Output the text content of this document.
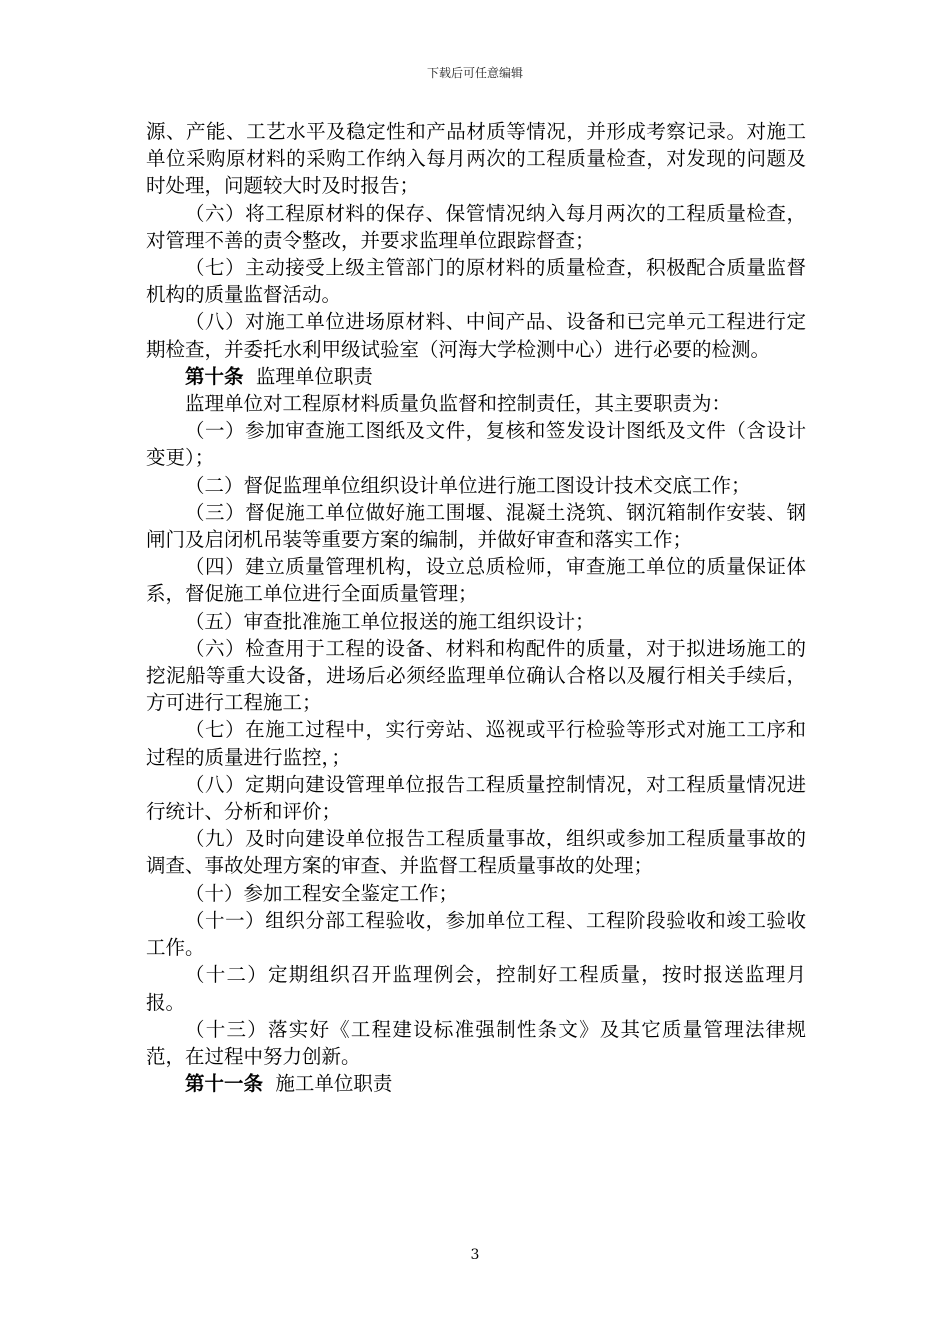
下载后可任意编辑

源、产能、工艺水平及稳定性和产品材质等情况，并形成考察记录。对施工单位采购原材料的采购工作纳入每月两次的工程质量检查，对发现的问题及时处理，问题较大时及时报告；

（六）将工程原材料的保存、保管情况纳入每月两次的工程质量检查，对管理不善的责令整改，并要求监理单位跟踪督查；

（七）主动接受上级主管部门的原材料的质量检查，积极配合质量监督机构的质量监督活动。

（八）对施工单位进场原材料、中间产品、设备和已完单元工程进行定期检查，并委托水利甲级试验室（河海大学检测中心）进行必要的检测。

第十条 监理单位职责

监理单位对工程原材料质量负监督和控制责任，其主要职责为：

（一）参加审查施工图纸及文件，复核和签发设计图纸及文件（含设计变更）；

（二）督促监理单位组织设计单位进行施工图设计技术交底工作；

（三）督促施工单位做好施工围堰、混凝土浇筑、钢沉箱制作安装、钢闸门及启闭机吊装等重要方案的编制，并做好审查和落实工作；

（四）建立质量管理机构，设立总质检师，审查施工单位的质量保证体系，督促施工单位进行全面质量管理；

（五）审查批准施工单位报送的施工组织设计；

（六）检查用于工程的设备、材料和构配件的质量，对于拟进场施工的挖泥船等重大设备，进场后必须经监理单位确认合格以及履行相关手续后，方可进行工程施工；

（七）在施工过程中，实行旁站、巡视或平行检验等形式对施工工序和过程的质量进行监控，；

（八）定期向建设管理单位报告工程质量控制情况，对工程质量情况进行统计、分析和评价；

（九）及时向建设单位报告工程质量事故，组织或参加工程质量事故的调查、事故处理方案的审查、并监督工程质量事故的处理；

（十）参加工程安全鉴定工作；

（十一）组织分部工程验收，参加单位工程、工程阶段验收和竣工验收工作。

（十二）定期组织召开监理例会，控制好工程质量，按时报送监理月报。

（十三）落实好《工程建设标准强制性条文》及其它质量管理法律规范，在过程中努力创新。

第十一条 施工单位职责

3
